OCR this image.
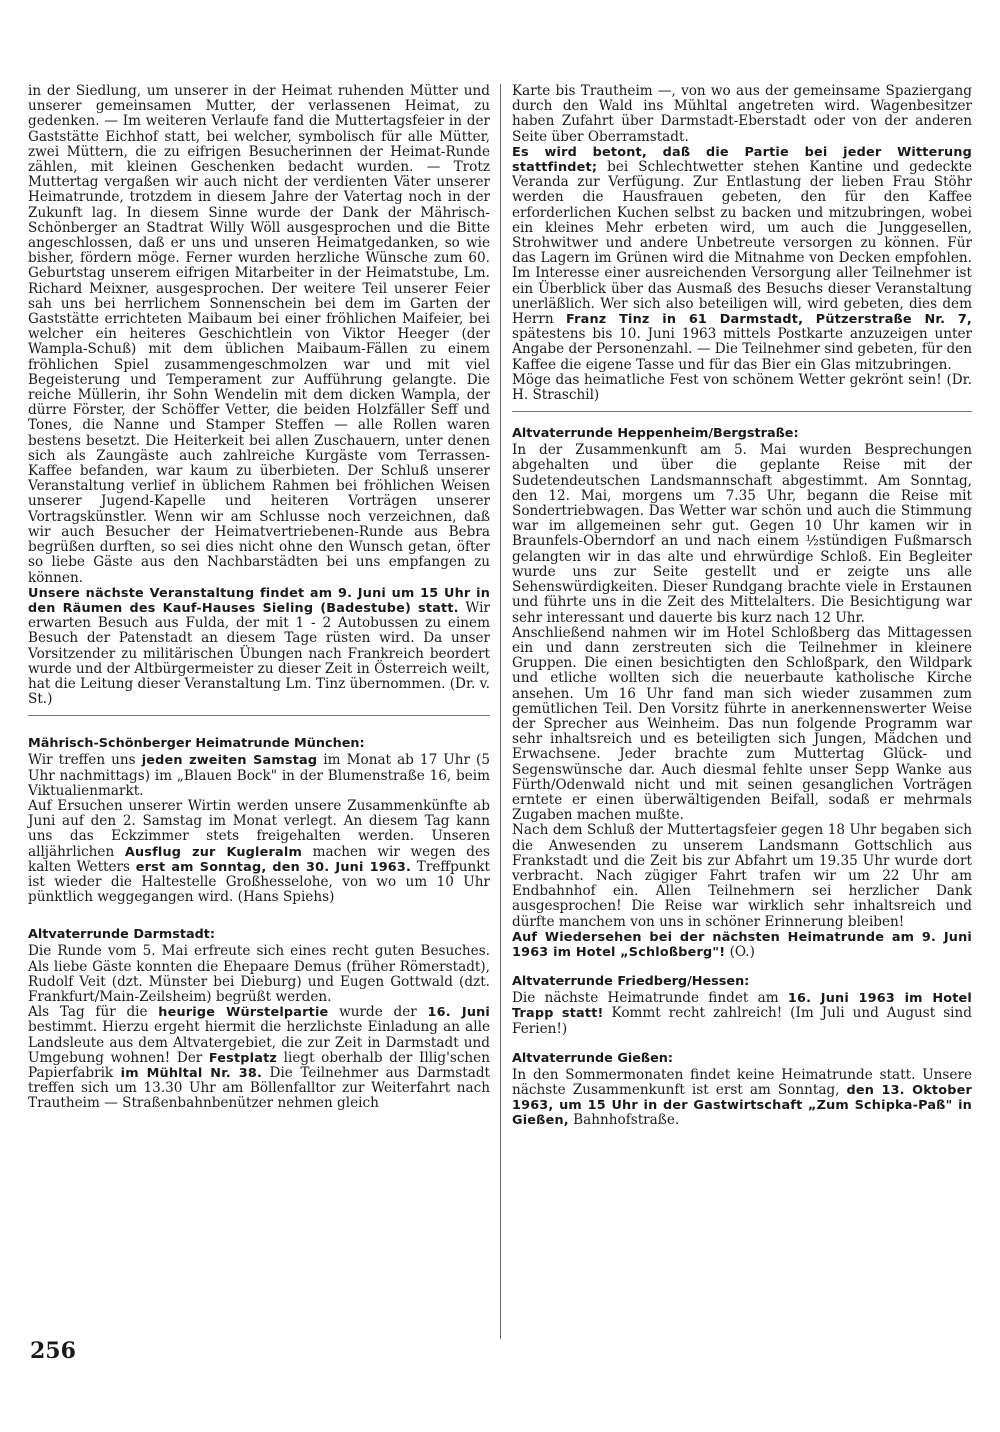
in der Siedlung, um unserer in der Heimat ruhenden Mütter und unserer gemeinsamen Mutter, der verlassenen Heimat, zu gedenken. — Im weiteren Verlaufe fand die Muttertagsfeier in der Gaststätte Eichhof statt, bei welcher, symbolisch für alle Mütter, zwei Müttern, die zu eifrigen Besucherinnen der Heimat-Runde zählen, mit kleinen Geschenken bedacht wurden. — Trotz Muttertag vergaßen wir auch nicht der verdienten Väter unserer Heimatrunde, trotzdem in diesem Jahre der Vatertag noch in der Zukunft lag. In diesem Sinne wurde der Dank der Mährisch-Schönberger an Stadtrat Willy Wöll ausgesprochen und die Bitte angeschlossen, daß er uns und unseren Heimatgedanken, so wie bisher, fördern möge. Ferner wurden herzliche Wünsche zum 60. Geburtstag unserem eifrigen Mitarbeiter in der Heimatstube, Lm. Richard Meixner, ausgesprochen. Der weitere Teil unserer Feier sah uns bei herrlichem Sonnenschein bei dem im Garten der Gaststätte errichteten Maibaum bei einer fröhlichen Maifeier, bei welcher ein heiteres Geschichtlein von Viktor Heeger (der Wampla-Schuß) mit dem üblichen Maibaum-Fällen zu einem fröhlichen Spiel zusammengeschmolzen war und mit viel Begeisterung und Temperament zur Aufführung gelangte. Die reiche Müllerin, ihr Sohn Wendelin mit dem dicken Wampla, der dürre Förster, der Schöffer Vetter, die beiden Holzfäller Seff und Tones, die Nanne und Stamper Steffen — alle Rollen waren bestens besetzt. Die Heiterkeit bei allen Zuschauern, unter denen sich als Zaungäste auch zahlreiche Kurgäste vom Terrassen-Kaffee befanden, war kaum zu überbieten. Der Schluß unserer Veranstaltung verlief in üblichem Rahmen bei fröhlichen Weisen unserer Jugend-Kapelle und heiteren Vorträgen unserer Vortragskünstler. Wenn wir am Schlusse noch verzeichnen, daß wir auch Besucher der Heimatvertriebenen-Runde aus Bebra begrüßen durften, so sei dies nicht ohne den Wunsch getan, öfter so liebe Gäste aus den Nachbarstädten bei uns empfangen zu können.

Unsere nächste Veranstaltung findet am 9. Juni um 15 Uhr in den Räumen des Kauf-Hauses Sieling (Badestube) statt. Wir erwarten Besuch aus Fulda, der mit 1 - 2 Autobussen zu einem Besuch der Patenstadt an diesem Tage rüsten wird. Da unser Vorsitzender zu militärischen Übungen nach Frankreich beordert wurde und der Altbürgermeister zu dieser Zeit in Österreich weilt, hat die Leitung dieser Veranstaltung Lm. Tinz übernommen. (Dr. v. St.)

Mährisch-Schönberger Heimatrunde München:

Wir treffen uns jeden zweiten Samstag im Monat ab 17 Uhr (5 Uhr nachmittags) im „Blauen Bock" in der Blumenstraße 16, beim Viktualienmarkt.

Auf Ersuchen unserer Wirtin werden unsere Zusammenkünfte ab Juni auf den 2. Samstag im Monat verlegt. An diesem Tag kann uns das Eckzimmer stets freigehalten werden. Unseren alljährlichen Ausflug zur Kugleralm machen wir wegen des kalten Wetters erst am Sonntag, den 30. Juni 1963. Treffpunkt ist wieder die Haltestelle Großhesselohe, von wo um 10 Uhr pünktlich weggegangen wird. (Hans Spiehs)

Altvaterrunde Darmstadt:

Die Runde vom 5. Mai erfreute sich eines recht guten Besuches. Als liebe Gäste konnten die Ehepaare Demus (früher Römerstadt), Rudolf Veit (dzt. Münster bei Dieburg) und Eugen Gottwald (dzt. Frankfurt/Main-Zeilsheim) begrüßt werden.

Als Tag für die heurige Würstelpartie wurde der 16. Juni bestimmt. Hierzu ergeht hiermit die herzlichste Einladung an alle Landsleute aus dem Altvatergebiet, die zur Zeit in Darmstadt und Umgebung wohnen! Der Festplatz liegt oberhalb der Illig'schen Papierfabrik im Mühltal Nr. 38. Die Teilnehmer aus Darmstadt treffen sich um 13.30 Uhr am Böllenfalltor zur Weiterfahrt nach Trautheim — Straßenbahnbenützer nehmen gleich

Karte bis Trautheim —, von wo aus der gemeinsame Spaziergang durch den Wald ins Mühltal angetreten wird. Wagenbesitzer haben Zufahrt über Darmstadt-Eberstadt oder von der anderen Seite über Oberramstadt.

Es wird betont, daß die Partie bei jeder Witterung stattfindet; bei Schlechtwetter stehen Kantine und gedeckte Veranda zur Verfügung. Zur Entlastung der lieben Frau Stöhr werden die Hausfrauen gebeten, den für den Kaffee erforderlichen Kuchen selbst zu backen und mitzubringen, wobei ein kleines Mehr erbeten wird, um auch die Junggesellen, Strohwitwer und andere Unbetreute versorgen zu können. Für das Lagern im Grünen wird die Mitnahme von Decken empfohlen. Im Interesse einer ausreichenden Versorgung aller Teilnehmer ist ein Überblick über das Ausmaß des Besuchs dieser Veranstaltung unerläßlich. Wer sich also beteiligen will, wird gebeten, dies dem Herrn Franz Tinz in 61 Darmstadt, Pützerstraße Nr. 7, spätestens bis 10. Juni 1963 mittels Postkarte anzuzeigen unter Angabe der Personenzahl. — Die Teilnehmer sind gebeten, für den Kaffee die eigene Tasse und für das Bier ein Glas mitzubringen.

Möge das heimatliche Fest von schönem Wetter gekrönt sein! (Dr. H. Straschil)

Altvaterrunde Heppenheim/Bergstraße:

In der Zusammenkunft am 5. Mai wurden Besprechungen abgehalten und über die geplante Reise mit der Sudetendeutschen Landsmannschaft abgestimmt. Am Sonntag, den 12. Mai, morgens um 7.35 Uhr, begann die Reise mit Sondertriebwagen. Das Wetter war schön und auch die Stimmung war im allgemeinen sehr gut. Gegen 10 Uhr kamen wir in Braunfels-Oberndorf an und nach einem ½stündigen Fußmarsch gelangten wir in das alte und ehrwürdige Schloß. Ein Begleiter wurde uns zur Seite gestellt und er zeigte uns alle Sehenswürdigkeiten. Dieser Rundgang brachte viele in Erstaunen und führte uns in die Zeit des Mittelalters. Die Besichtigung war sehr interessant und dauerte bis kurz nach 12 Uhr.

Anschließend nahmen wir im Hotel Schloßberg das Mittagessen ein und dann zerstreuten sich die Teilnehmer in kleinere Gruppen. Die einen besichtigten den Schloßpark, den Wildpark und etliche wollten sich die neuerbaute katholische Kirche ansehen. Um 16 Uhr fand man sich wieder zusammen zum gemütlichen Teil. Den Vorsitz führte in anerkennenswerter Weise der Sprecher aus Weinheim. Das nun folgende Programm war sehr inhaltsreich und es beteiligten sich Jungen, Mädchen und Erwachsene. Jeder brachte zum Muttertag Glück- und Segenswünsche dar. Auch diesmal fehlte unser Sepp Wanke aus Fürth/Odenwald nicht und mit seinen gesanglichen Vorträgen erntete er einen überwältigenden Beifall, sodaß er mehrmals Zugaben machen mußte.

Nach dem Schluß der Muttertagsfeier gegen 18 Uhr begaben sich die Anwesenden zu unserem Landsmann Gottschlich aus Frankstadt und die Zeit bis zur Abfahrt um 19.35 Uhr wurde dort verbracht. Nach zügiger Fahrt trafen wir um 22 Uhr am Endbahnhof ein. Allen Teilnehmern sei herzlicher Dank ausgesprochen! Die Reise war wirklich sehr inhaltsreich und dürfte manchem von uns in schöner Erinnerung bleiben!

Auf Wiedersehen bei der nächsten Heimatrunde am 9. Juni 1963 im Hotel „Schloßberg"! (O.)

Altvaterrunde Friedberg/Hessen:

Die nächste Heimatrunde findet am 16. Juni 1963 im Hotel Trapp statt! Kommt recht zahlreich! (Im Juli und August sind Ferien!)

Altvaterrunde Gießen:

In den Sommermonaten findet keine Heimatrunde statt. Unsere nächste Zusammenkunft ist erst am Sonntag, den 13. Oktober 1963, um 15 Uhr in der Gastwirtschaft „Zum Schipka-Paß" in Gießen, Bahnhofstraße.

256
